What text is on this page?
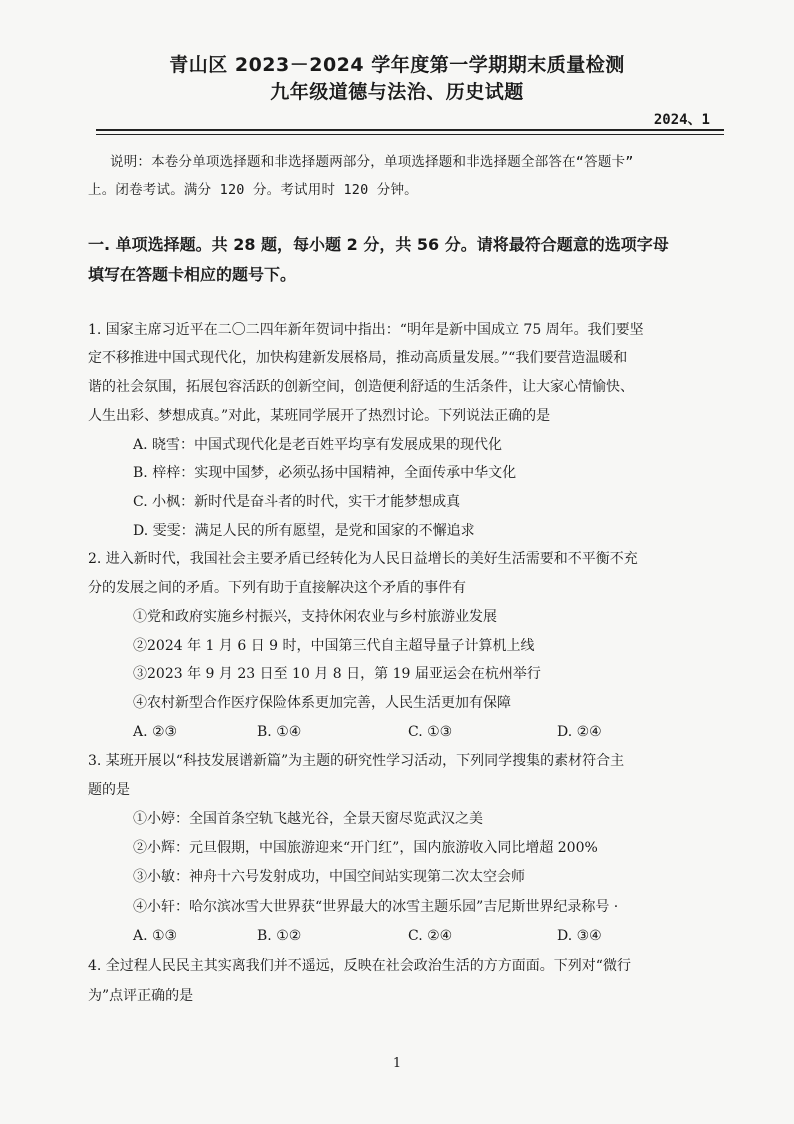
青山区 2023－2024 学年度第一学期期末质量检测
九年级道德与法治、历史试题
2024、1
说明：本卷分单项选择题和非选择题两部分，单项选择题和非选择题全部答在“答题卡”
上。闭卷考试。满分 120 分。考试用时 120 分钟。
一. 单项选择题。共 28 题，每小题 2 分，共 56 分。请将最符合题意的选项字母
填写在答题卡相应的题号下。
1. 国家主席习近平在二〇二四年新年贺词中指出：“明年是新中国成立 75 周年。我们要坚
定不移推进中国式现代化，加快构建新发展格局，推动高质量发展。”“我们要营造温暖和
谐的社会氛围，拓展包容活跃的创新空间，创造便利舒适的生活条件，让大家心情愉快、
人生出彩、梦想成真。”对此，某班同学展开了热烈讨论。下列说法正确的是
A. 晓雪：中国式现代化是老百姓平均享有发展成果的现代化
B. 梓梓：实现中国梦，必须弘扬中国精神，全面传承中华文化
C. 小枫：新时代是奋斗者的时代，实干才能梦想成真
D. 雯雯：满足人民的所有愿望，是党和国家的不懈追求
2. 进入新时代，我国社会主要矛盾已经转化为人民日益增长的美好生活需要和不平衡不充
分的发展之间的矛盾。下列有助于直接解决这个矛盾的事件有
①党和政府实施乡村振兴，支持休闲农业与乡村旅游业发展
②2024 年 1 月 6 日 9 时，中国第三代自主超导量子计算机上线
③2023 年 9 月 23 日至 10 月 8 日，第 19 届亚运会在杭州举行
④农村新型合作医疗保险体系更加完善，人民生活更加有保障
A. ②③	B. ①④	C. ①③	D. ②④
3. 某班开展以“科技发展谱新篇”为主题的研究性学习活动，下列同学搜集的素材符合主
题的是
①小婷：全国首条空轨飞越光谷，全景天窗尽览武汉之美
②小辉：元旦假期，中国旅游迎来“开门红”，国内旅游收入同比增超 200%
③小敏：神舟十六号发射成功，中国空间站实现第二次太空会师
④小轩：哈尔滨冰雪大世界获“世界最大的冰雪主题乐园”吉尼斯世界纪录称号 ·
A. ①③	B. ①②	C. ②④	D. ③④
4. 全过程人民民主其实离我们并不遥远，反映在社会政治生活的方方面面。下列对“微行
为”点评正确的是
1
